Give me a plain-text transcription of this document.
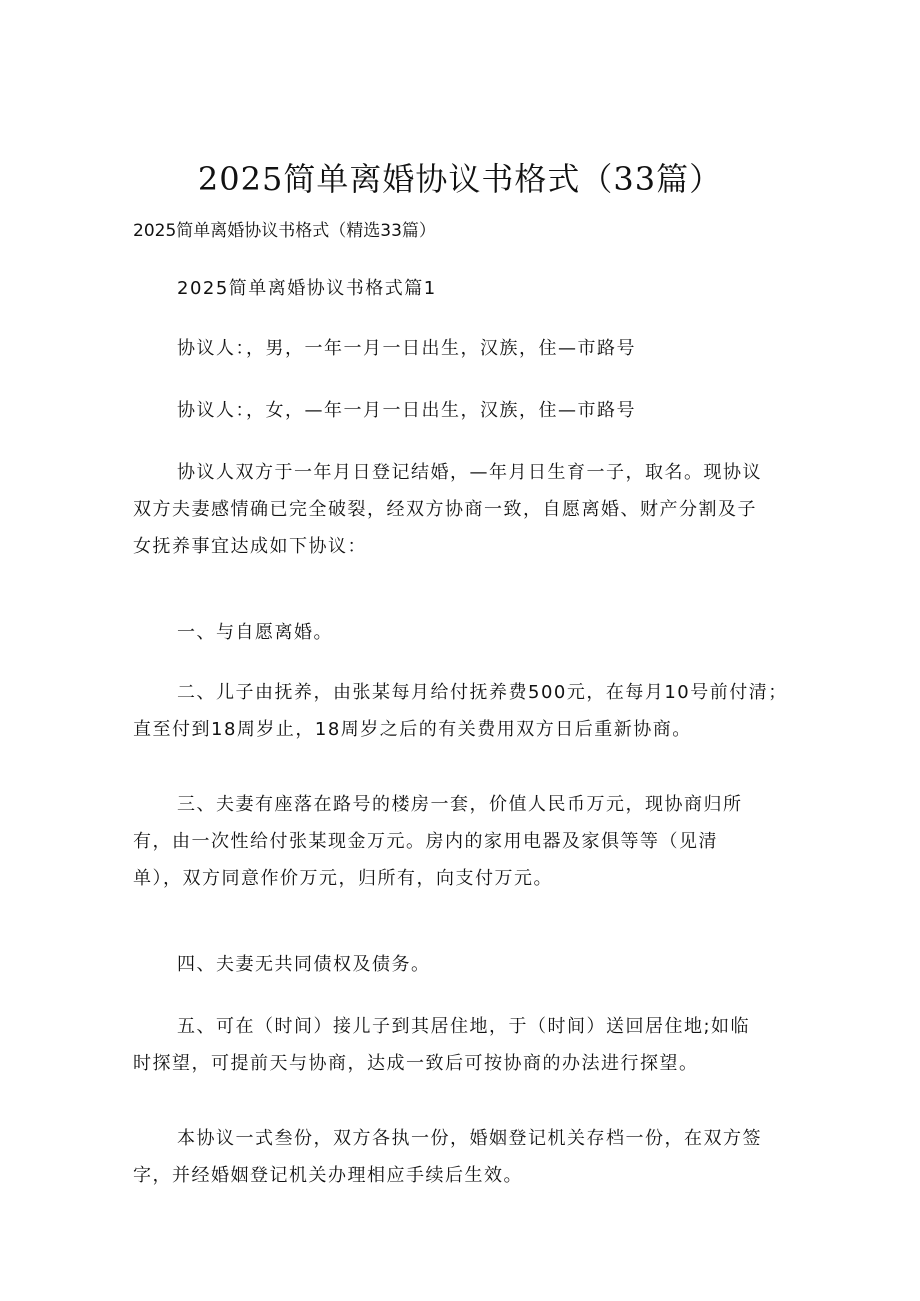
2025简单离婚协议书格式（33篇）

2025简单离婚协议书格式（精选33篇）

2025简单离婚协议书格式篇1
协议人：，男，一年一月一日出生，汉族，住—市路号
协议人：，女，—年一月一日出生，汉族，住—市路号
协议人双方于一年月日登记结婚，—年月日生育一子，取名。现协议
双方夫妻感情确已完全破裂，经双方协商一致，自愿离婚、财产分割及子
女抚养事宜达成如下协议：
一、与自愿离婚。
二、儿子由抚养，由张某每月给付抚养费500元，在每月10号前付清；
直至付到18周岁止，18周岁之后的有关费用双方日后重新协商。
三、夫妻有座落在路号的楼房一套，价值人民币万元，现协商归所
有，由一次性给付张某现金万元。房内的家用电器及家俱等等（见清
单），双方同意作价万元，归所有，向支付万元。
四、夫妻无共同债权及债务。
五、可在（时间）接儿子到其居住地，于（时间）送回居住地;如临
时探望，可提前天与协商，达成一致后可按协商的办法进行探望。
本协议一式叁份，双方各执一份，婚姻登记机关存档一份，在双方签
字，并经婚姻登记机关办理相应手续后生效。
